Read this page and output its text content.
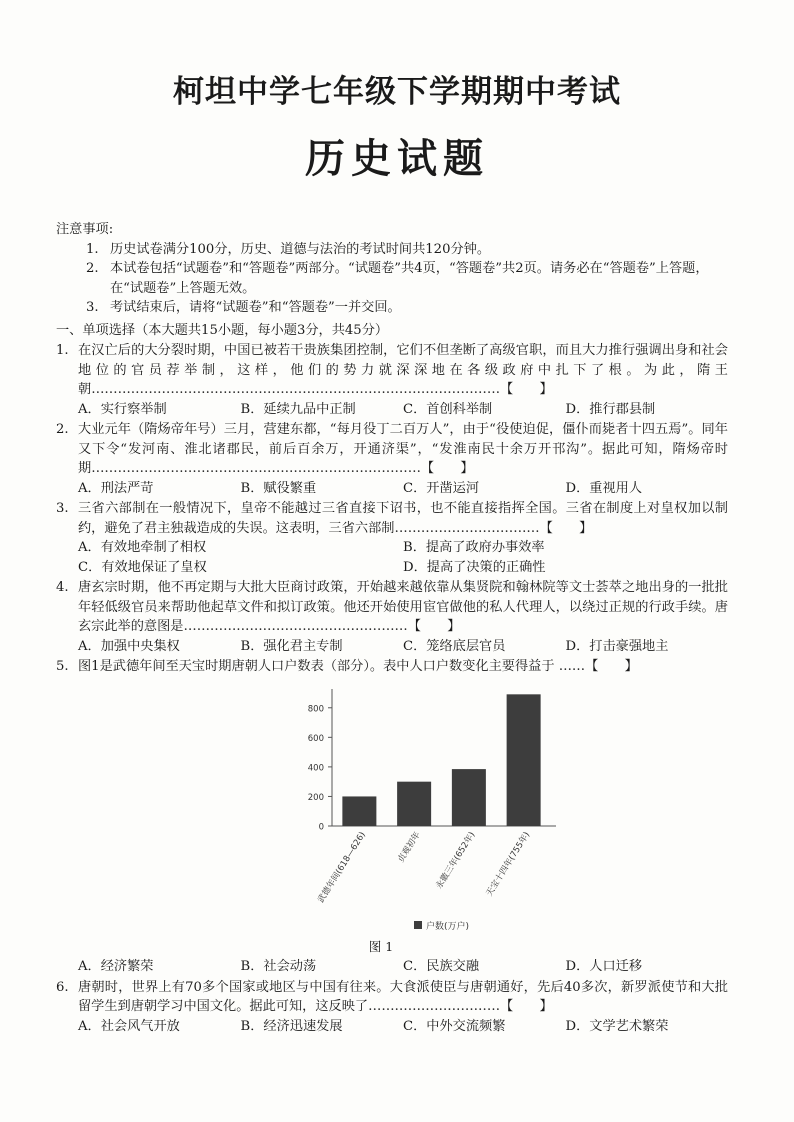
柯坦中学七年级下学期期中考试
历史试题
注意事项:
1. 历史试卷满分100分，历史、道德与法治的考试时间共120分钟。
2. 本试卷包括“试题卷”和“答题卷”两部分。“试题卷”共4页，“答题卷”共2页。请务必在“答题卷”上答题，在“试题卷”上答题无效。
3. 考试结束后，请将“试题卷”和“答题卷”一并交回。
一、单项选择（本大题共15小题，每小题3分，共45分）
1. 在汉亡后的大分裂时期，中国已被若干贵族集团控制，它们不但垄断了高级官职，而且大力推行强调出身和社会地位的官员荐举制，这样，他们的势力就深深地在各级政府中扎下了根。为此，隋王朝…………………………………………………………………………………【　　】
A．实行察举制	B．延续九品中正制	C．首创科举制	D．推行郡县制
2. 大业元年（隋炀帝年号）三月，营建东都，“每月役丁二百万人”，由于“役使迫促，僵仆而毙者十四五焉”。同年又下令“发河南、淮北诸郡民，前后百余万，开通济渠”，“发淮南民十余万开邗沟”。据此可知，隋炀帝时期…………………………………………………………………【　　】
A．刑法严苛	B．赋役繁重	C．开凿运河	D．重视用人
3. 三省六部制在一般情况下，皇帝不能越过三省直接下诏书，也不能直接指挥全国。三省在制度上对皇权加以制约，避免了君主独裁造成的失误。这表明，三省六部制……………………………【　　】
A．有效地牵制了相权	B．提高了政府办事效率
C．有效地保证了皇权	D．提高了决策的正确性
4. 唐玄宗时期，他不再定期与大批大臣商讨政策，开始越来越依靠从集贤院和翰林院等文士荟萃之地出身的一批批年轻低级官员来帮助他起草文件和拟订政策。他还开始使用宦官做他的私人代理人，以绕过正规的行政手续。唐玄宗此举的意图是……………………………………………【　　】
A．加强中央集权	B．强化君主专制	C．笼络底层官员	D．打击豪强地主
5. 图1是武德年间至天宝时期唐朝人口户数表（部分）。表中人口户数变化主要得益于 ……【　　】
0
200
400
600
800
武德年间(618—626)	贞观初年 永徽三年(652年) 天宝十四年(755年)
户数(万户)
图 1
A．经济繁荣	B．社会动荡	C．民族交融	D．人口迁移
6. 唐朝时，世界上有70多个国家或地区与中国有往来。大食派使臣与唐朝通好，先后40多次，新罗派使节和大批留学生到唐朝学习中国文化。据此可知，这反映了…………………………【　　】
A．社会风气开放	B．经济迅速发展	C．中外交流频繁	D．文学艺术繁荣
